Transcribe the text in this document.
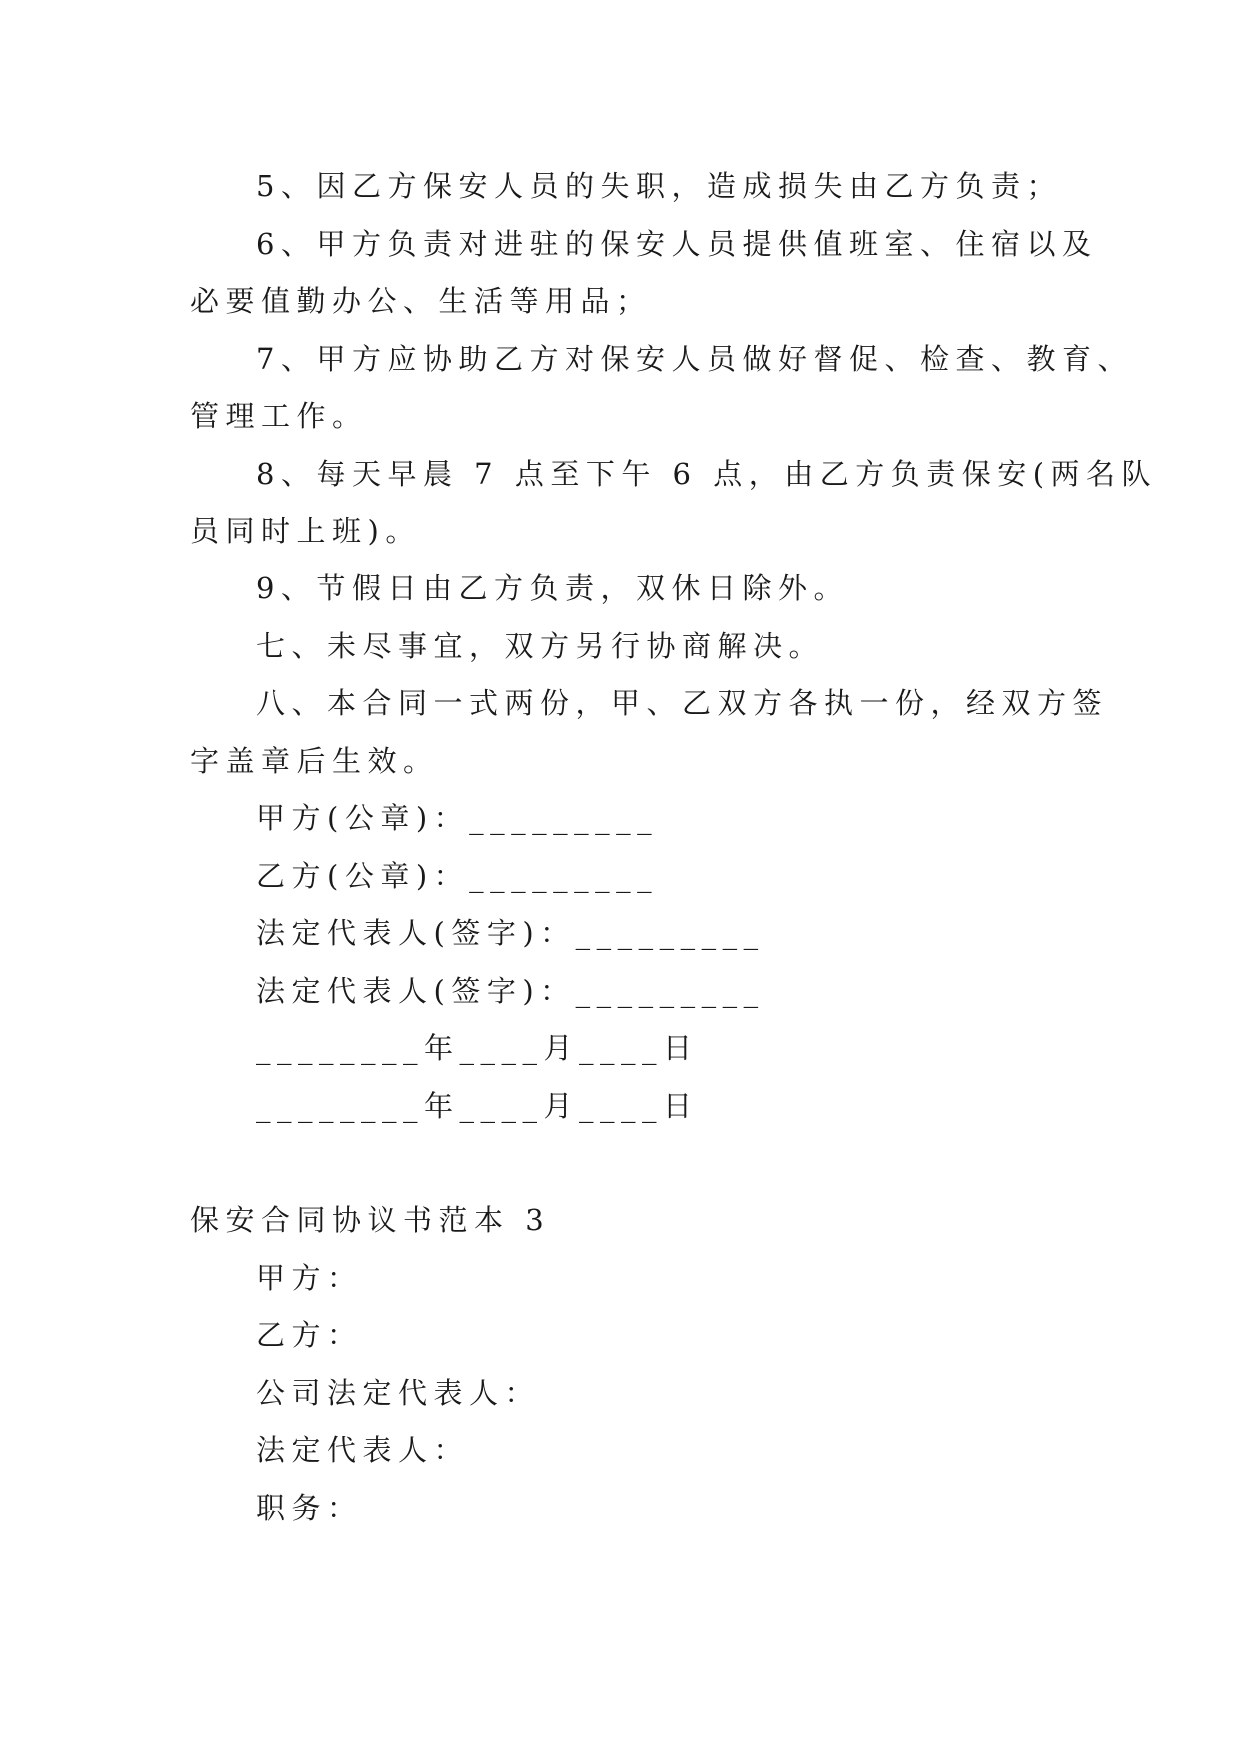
5、因乙方保安人员的失职，造成损失由乙方负责；
6、甲方负责对进驻的保安人员提供值班室、住宿以及
必要值勤办公、生活等用品；
7、甲方应协助乙方对保安人员做好督促、检查、教育、
管理工作。
8、每天早晨 7 点至下午 6 点，由乙方负责保安(两名队
员同时上班)。
9、节假日由乙方负责，双休日除外。
七、未尽事宜，双方另行协商解决。
八、本合同一式两份，甲、乙双方各执一份，经双方签
字盖章后生效。
甲方(公章)：_________
乙方(公章)：_________
法定代表人(签字)：_________
法定代表人(签字)：_________
________年____月____日
________年____月____日
保安合同协议书范本 3
甲方：
乙方：
公司法定代表人：
法定代表人：
职务：
